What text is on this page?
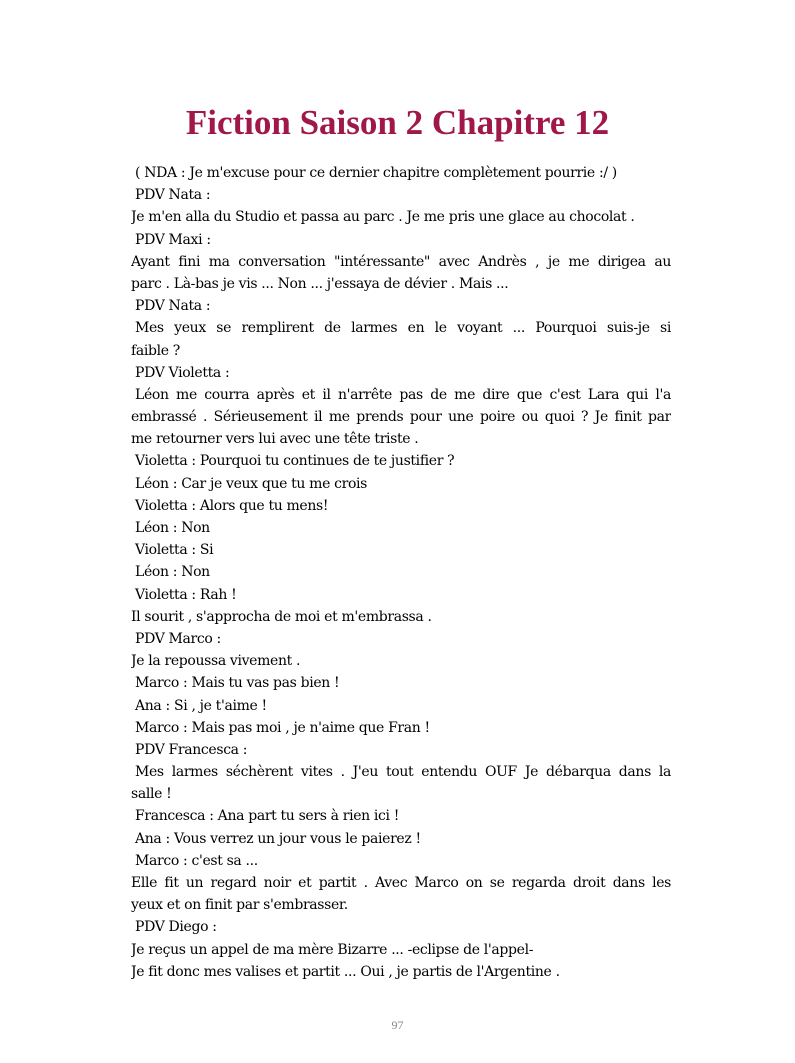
Fiction Saison 2 Chapitre 12
( NDA : Je m'excuse pour ce dernier chapitre complètement pourrie :/ )
PDV Nata :
Je m'en alla du Studio et passa au parc . Je me pris une glace au chocolat .
PDV Maxi :
Ayant fini ma conversation "intéressante" avec Andrès , je me dirigea au
parc . Là-bas je vis ... Non ... j'essaya de dévier . Mais ...
PDV Nata :
Mes yeux se remplirent de larmes en le voyant ... Pourquoi suis-je si
faible ?
PDV Violetta :
Léon me courra après et il n'arrête pas de me dire que c'est Lara qui l'a
embrassé . Sérieusement il me prends pour une poire ou quoi ? Je finit par
me retourner vers lui avec une tête triste .
Violetta : Pourquoi tu continues de te justifier ?
Léon : Car je veux que tu me crois
Violetta : Alors que tu mens!
Léon : Non
Violetta : Si
Léon : Non
Violetta : Rah !
Il sourit , s'approcha de moi et m'embrassa .
PDV Marco :
Je la repoussa vivement .
Marco : Mais tu vas pas bien !
Ana : Si , je t'aime !
Marco : Mais pas moi , je n'aime que Fran !
PDV Francesca :
Mes larmes séchèrent vites . J'eu tout entendu OUF Je débarqua dans la
salle !
Francesca : Ana part tu sers à rien ici !
Ana : Vous verrez un jour vous le paierez !
Marco : c'est sa ...
Elle fit un regard noir et partit . Avec Marco on se regarda droit dans les
yeux et on finit par s'embrasser.
PDV Diego :
Je reçus un appel de ma mère Bizarre ... -eclipse de l'appel-
Je fit donc mes valises et partit ... Oui , je partis de l'Argentine .
97
